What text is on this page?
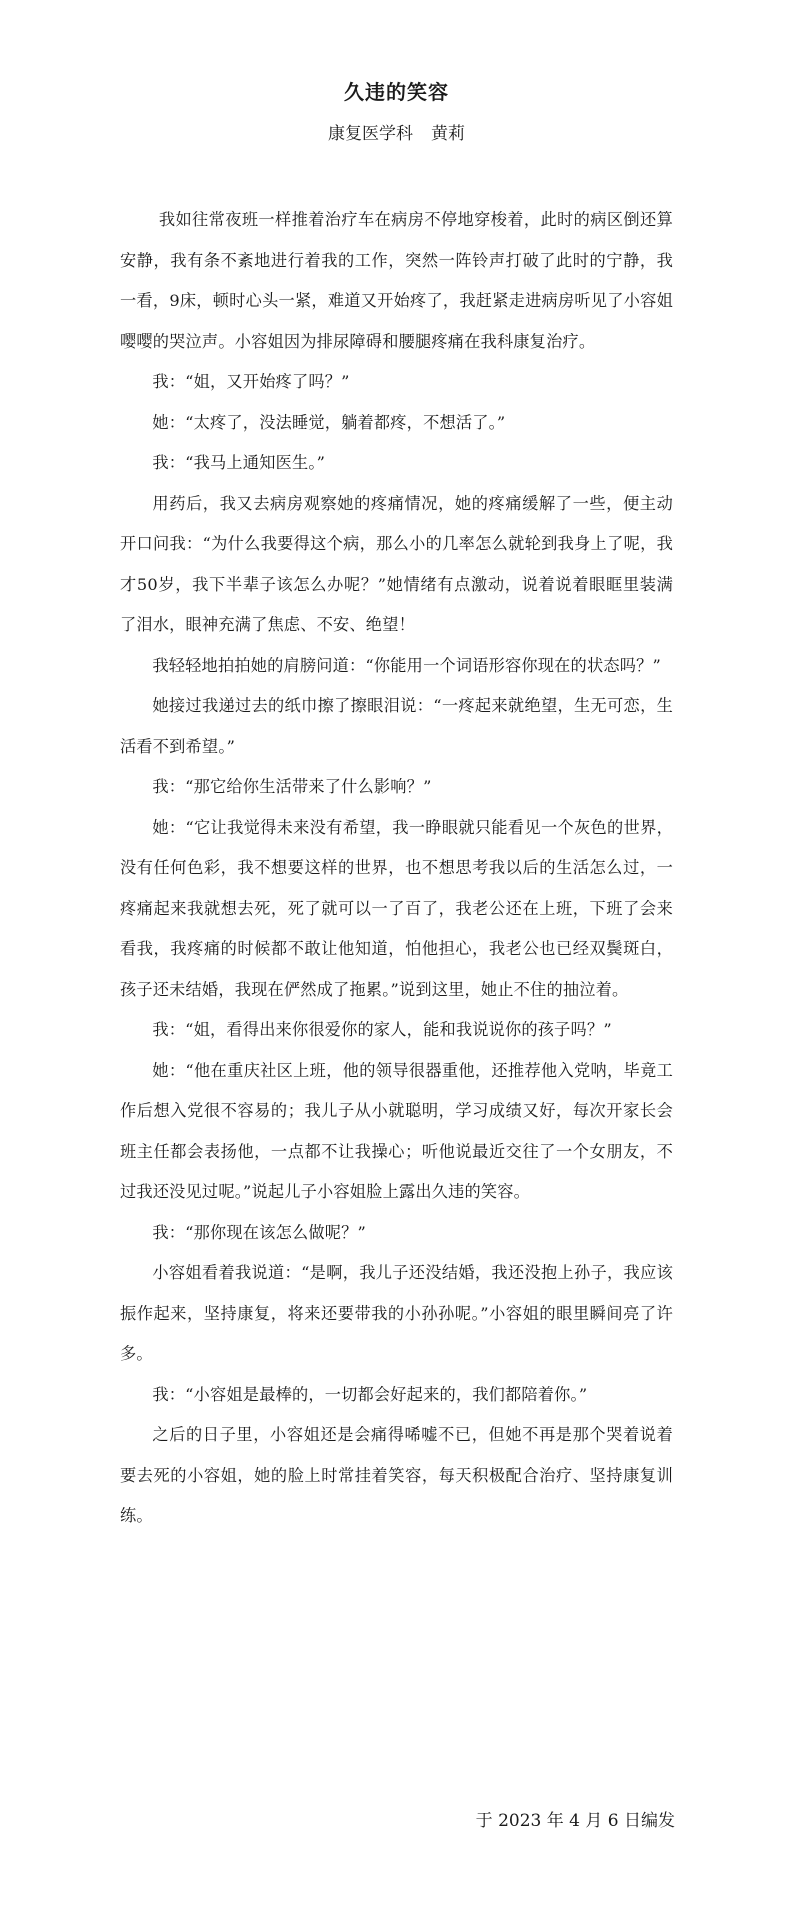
久违的笑容
康复医学科 黄莉

我如往常夜班一样推着治疗车在病房不停地穿梭着，此时的病区倒还算安静，我有条不紊地进行着我的工作，突然一阵铃声打破了此时的宁静，我一看，9床，顿时心头一紧，难道又开始疼了，我赶紧走进病房听见了小容姐嘤嘤的哭泣声。小容姐因为排尿障碍和腰腿疼痛在我科康复治疗。

我：“姐，又开始疼了吗？”

她：“太疼了，没法睡觉，躺着都疼，不想活了。”

我：“我马上通知医生。”

用药后，我又去病房观察她的疼痛情况，她的疼痛缓解了一些，便主动开口问我：“为什么我要得这个病，那么小的几率怎么就轮到我身上了呢，我才50岁，我下半辈子该怎么办呢？”她情绪有点激动，说着说着眼眶里装满了泪水，眼神充满了焦虑、不安、绝望！

我轻轻地拍拍她的肩膀问道：“你能用一个词语形容你现在的状态吗？”

她接过我递过去的纸巾擦了擦眼泪说：“一疼起来就绝望，生无可恋，生活看不到希望。”

我：“那它给你生活带来了什么影响？”

她：“它让我觉得未来没有希望，我一睁眼就只能看见一个灰色的世界，没有任何色彩，我不想要这样的世界，也不想思考我以后的生活怎么过，一疼痛起来我就想去死，死了就可以一了百了，我老公还在上班，下班了会来看我，我疼痛的时候都不敢让他知道，怕他担心，我老公也已经双鬓斑白，孩子还未结婚，我现在俨然成了拖累。”说到这里，她止不住的抽泣着。

我：“姐，看得出来你很爱你的家人，能和我说说你的孩子吗？”

她：“他在重庆社区上班，他的领导很器重他，还推荐他入党呐，毕竟工作后想入党很不容易的；我儿子从小就聪明，学习成绩又好，每次开家长会班主任都会表扬他，一点都不让我操心；听他说最近交往了一个女朋友，不过我还没见过呢。”说起儿子小容姐脸上露出久违的笑容。

我：“那你现在该怎么做呢？”

小容姐看着我说道：“是啊，我儿子还没结婚，我还没抱上孙子，我应该振作起来，坚持康复，将来还要带我的小孙孙呢。”小容姐的眼里瞬间亮了许多。

我：“小容姐是最棒的，一切都会好起来的，我们都陪着你。”

之后的日子里，小容姐还是会痛得唏嘘不已，但她不再是那个哭着说着要去死的小容姐，她的脸上时常挂着笑容，每天积极配合治疗、坚持康复训练。

于 2023 年 4 月 6 日编发
